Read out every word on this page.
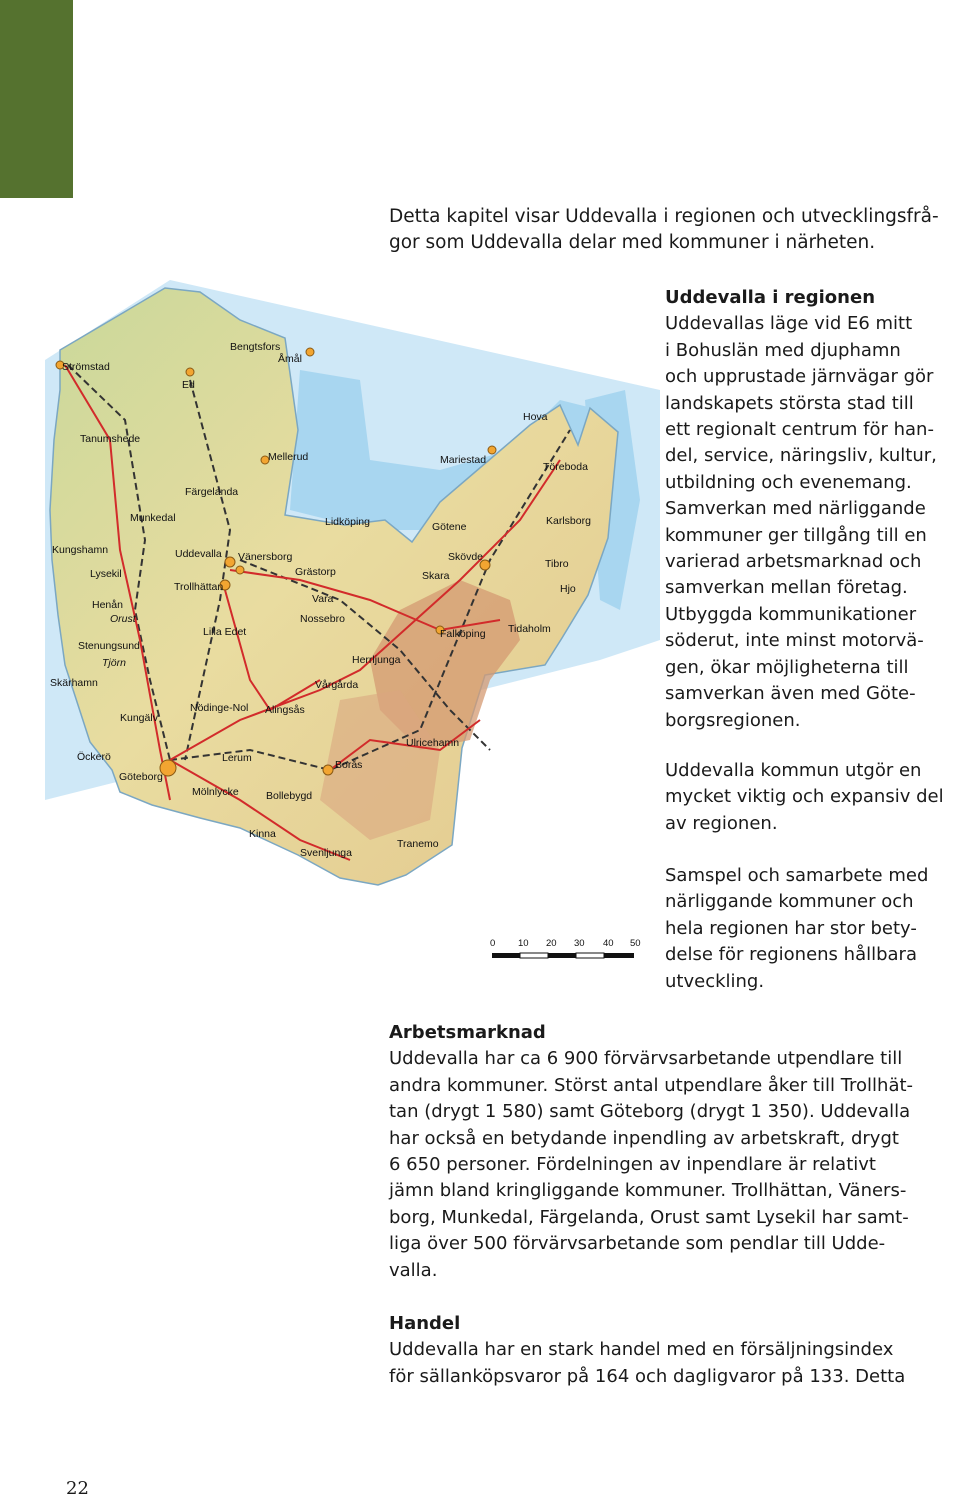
Detta kapitel visar Uddevalla i regionen och utvecklingsfrå-
gor som Uddevalla delar med kommuner i närheten.
Strömstad
Bengtsfors
Åmål
Ed
Tanumshede
Hova
Mellerud	Mariestad
Töreboda
Färgelanda
Munkedal	Lidköping	Götene	Karlsborg
Kungshamn	Uddevalla Vänersborg	Skövde
Tibro
Lysekil	Grästorp	Skara
Trollhättan	Hjo
Henån	Vara
Orust	Nossebro
Lilla Edet	Falköping Tidaholm
Stenungsund
Herrljunga
Tjörn
Vårgårda
Skärhamn
Nödinge-Nol Alingsås
Kungälv
Ulricehamn
Öckerö	Lerum
Borås
Göteborg
Mölnlycke	Bollebygd
Kinna
Tranemo
Svenljunga
0 10 20 30 40 50
Uddevalla i regionen
Uddevallas läge vid E6 mitt
i Bohuslän med djuphamn
och upprustade järnvägar gör
landskapets största stad till
ett regionalt centrum för han-
del, service, näringsliv, kultur,
utbildning och evenemang.
Samverkan med närliggande
kommuner ger tillgång till en
varierad arbetsmarknad och
samverkan mellan företag.
Utbyggda kommunikationer
söderut, inte minst motorvä-
gen, ökar möjligheterna till
samverkan även med Göte-
borgsregionen.
Uddevalla kommun utgör en
mycket viktig och expansiv del
av regionen.
Samspel och samarbete med
närliggande kommuner och
hela regionen har stor bety-
delse för regionens hållbara
utveckling.
Arbetsmarknad
Uddevalla har ca 6 900 förvärvsarbetande utpendlare till
andra kommuner. Störst antal utpendlare åker till Trollhät-
tan (drygt 1 580) samt Göteborg (drygt 1 350). Uddevalla
har också en betydande inpendling av arbetskraft, drygt
6 650 personer. Fördelningen av inpendlare är relativt
jämn bland kringliggande kommuner. Trollhättan, Väners-
borg, Munkedal, Färgelanda, Orust samt Lysekil har samt-
liga över 500 förvärvsarbetande som pendlar till Udde-
valla.
Handel
Uddevalla har en stark handel med en försäljningsindex
för sällanköpsvaror på 164 och dagligvaror på 133. Detta
22
